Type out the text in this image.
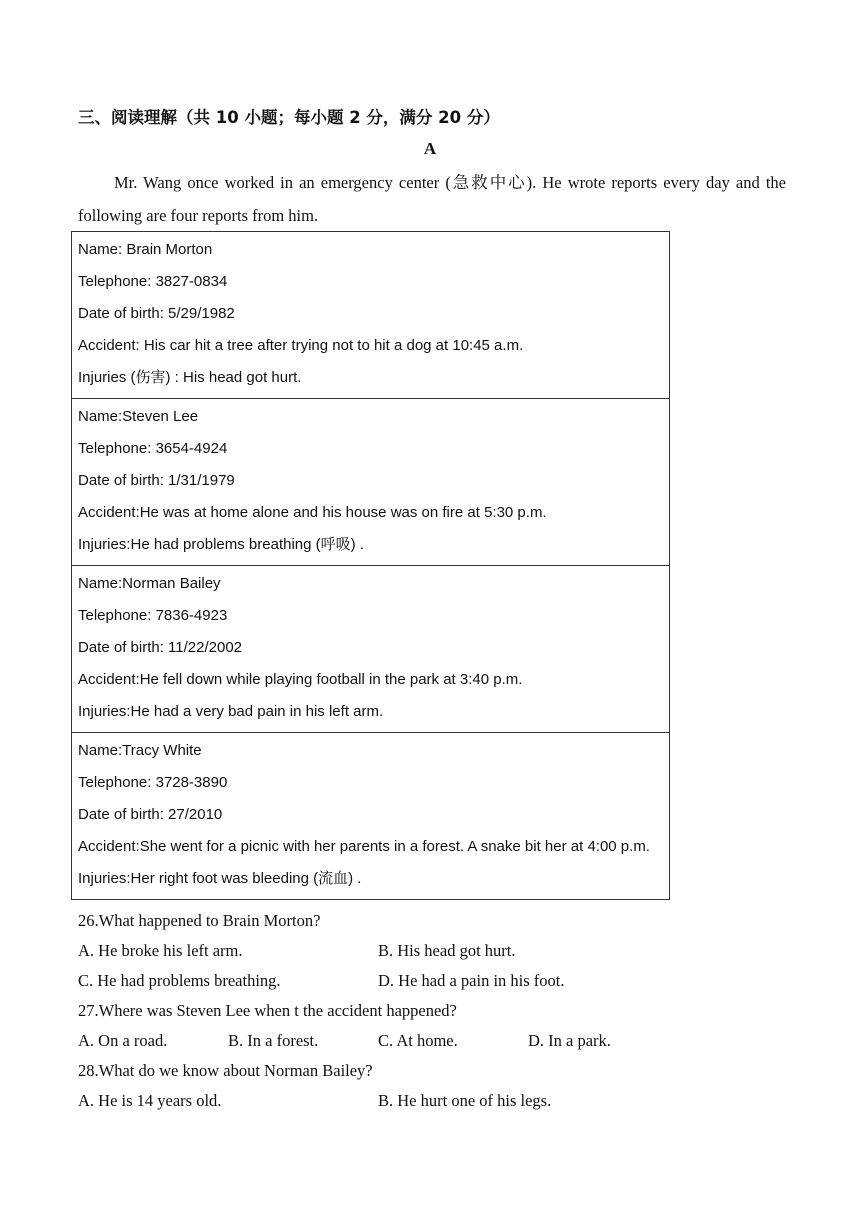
三、阅读理解（共 10 小题；每小题 2 分，满分 20 分）
A
Mr. Wang once worked in an emergency center (急救中心). He wrote reports every day and the following are four reports from him.
Name: Brain Morton
Telephone: 3827-0834
Date of birth: 5/29/1982
Accident: His car hit a tree after trying not to hit a dog at 10:45 a.m.
Injuries (伤害) : His head got hurt.
Name:Steven Lee
Telephone: 3654-4924
Date of birth: 1/31/1979
Accident:He was at home alone and his house was on fire at 5:30 p.m.
Injuries:He had problems breathing (呼吸) .
Name:Norman Bailey
Telephone: 7836-4923
Date of birth: 11/22/2002
Accident:He fell down while playing football in the park at 3:40 p.m.
Injuries:He had a very bad pain in his left arm.
Name:Tracy White
Telephone: 3728-3890
Date of birth: 27/2010
Accident:She went for a picnic with her parents in a forest. A snake bit her at 4:00 p.m.
Injuries:Her right foot was bleeding (流血) .
26.What happened to Brain Morton?
A. He broke his left arm.	B. His head got hurt.
C. He had problems breathing.	D. He had a pain in his foot.
27.Where was Steven Lee when t the accident happened?
A. On a road.	B. In a forest.	C. At home.	D. In a park.
28.What do we know about Norman Bailey?
A. He is 14 years old.	B. He hurt one of his legs.
